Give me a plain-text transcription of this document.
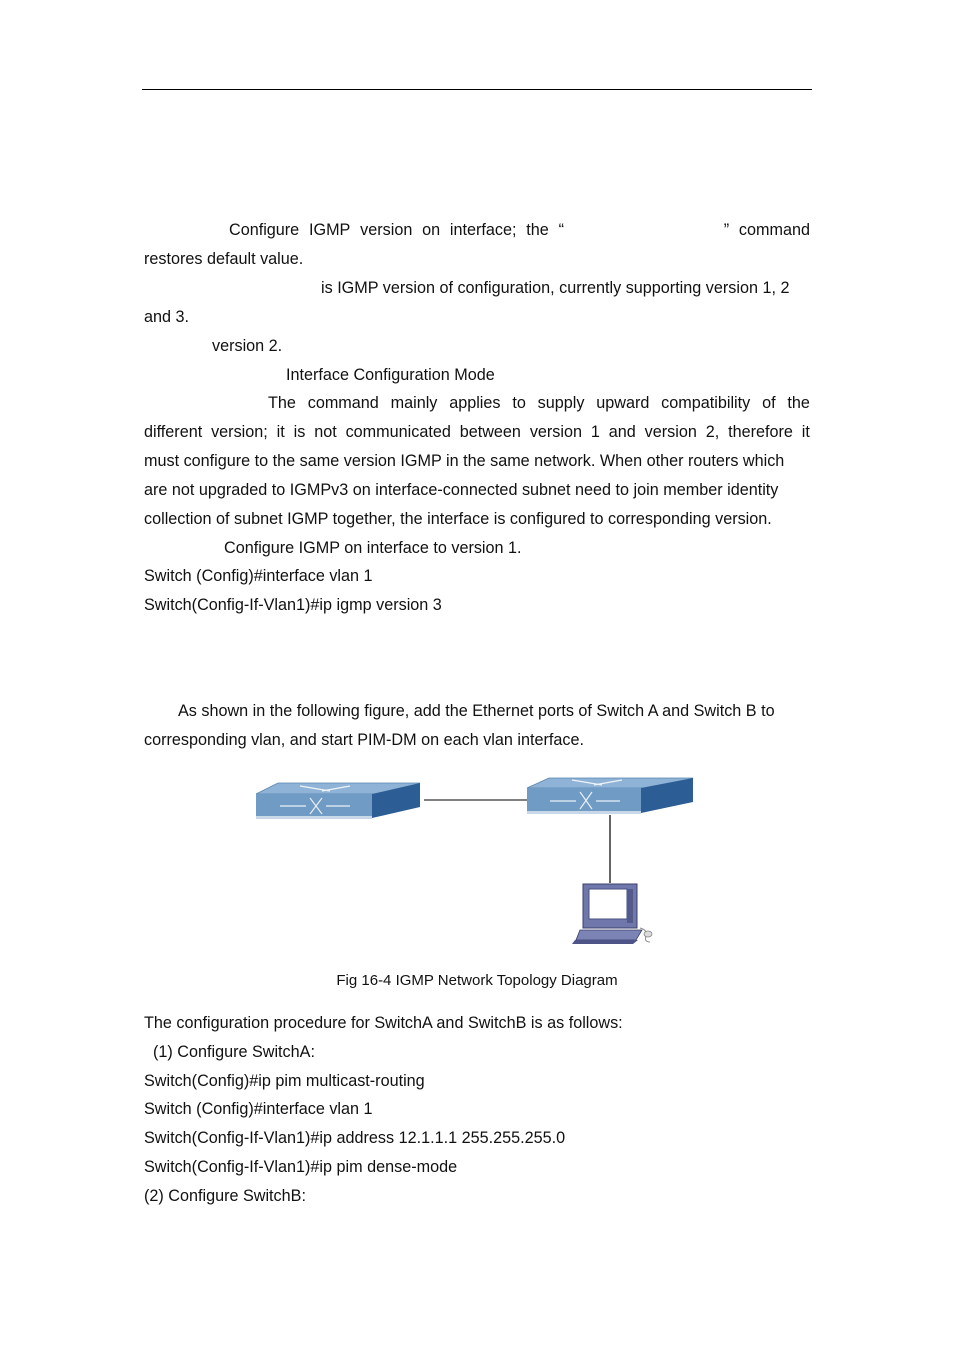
Configure IGMP version on interface; the “	” command
restores default value.
is IGMP version of configuration, currently supporting version 1, 2
and 3.
version 2.
Interface Configuration Mode
The command mainly applies to supply upward compatibility of the
different version; it is not communicated between version 1 and version 2, therefore it
must configure to the same version IGMP in the same network. When other routers which
are not upgraded to IGMPv3 on interface-connected subnet need to join member identity
collection of subnet IGMP together, the interface is configured to corresponding version.
Configure IGMP on interface to version 1.
Switch (Config)#interface vlan 1
Switch(Config-If-Vlan1)#ip igmp version 3
As shown in the following figure, add the Ethernet ports of Switch A and Switch B to
corresponding vlan, and start PIM-DM on each vlan interface.
Fig 16-4 IGMP Network Topology Diagram
The configuration procedure for SwitchA and SwitchB is as follows:
(1) Configure SwitchA:
Switch(Config)#ip pim multicast-routing
Switch (Config)#interface vlan 1
Switch(Config-If-Vlan1)#ip address 12.1.1.1 255.255.255.0
Switch(Config-If-Vlan1)#ip pim dense-mode
(2) Configure SwitchB:
